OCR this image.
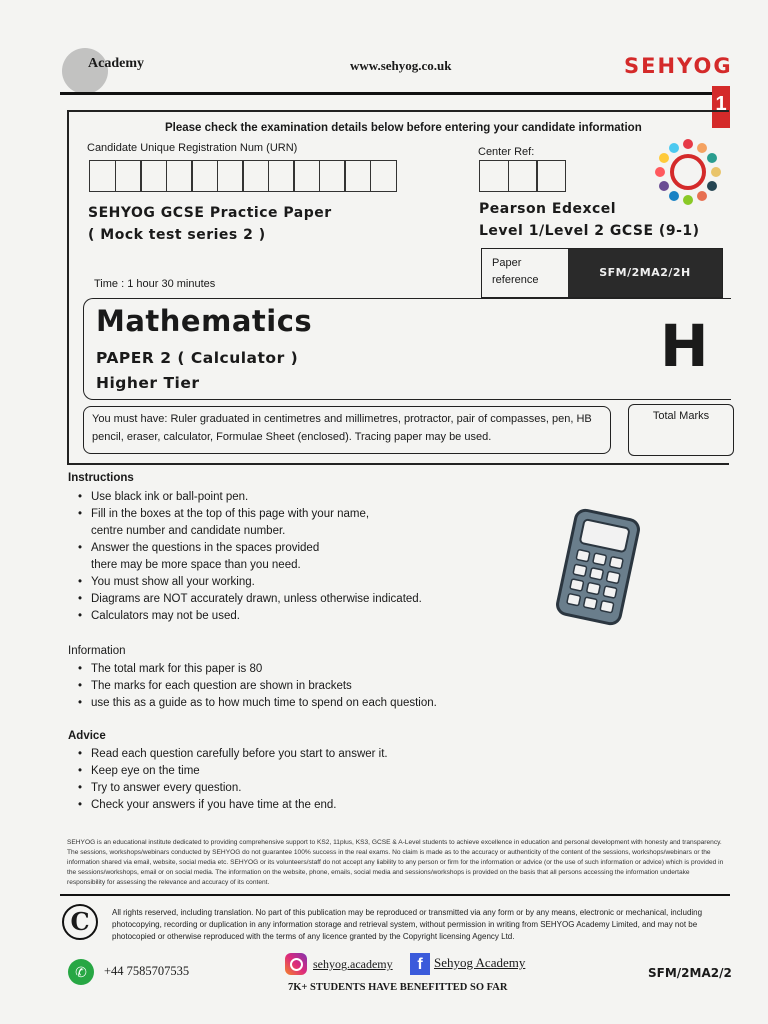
Academy	www.sehyog.co.uk	SEHYOG
1
Please check the examination details below before entering your candidate information
Candidate Unique Registration Num (URN)	Center Ref:
SEHYOG GCSE Practice Paper
( Mock test series 2 )
Pearson Edexcel
Level 1/Level 2 GCSE (9-1)
Time : 1 hour 30 minutes
Paper reference
SFM/2MA2/2H
Mathematics
PAPER 2 ( Calculator )
Higher Tier
H
You must have: Ruler graduated in centimetres and millimetres, protractor, pair of compasses, pen, HB pencil, eraser, calculator, Formulae Sheet (enclosed). Tracing paper may be used.
Total Marks
Instructions
• Use black ink or ball-point pen.
• Fill in the boxes at the top of this page with your name,
centre number and candidate number.
• Answer the questions in the spaces provided
there may be more space than you need.
• You must show all your working.
• Diagrams are NOT accurately drawn, unless otherwise indicated.
• Calculators may not be used.
Information
• The total mark for this paper is 80
• The marks for each question are shown in brackets
• use this as a guide as to how much time to spend on each question.
Advice
• Read each question carefully before you start to answer it.
• Keep eye on the time
• Try to answer every question.
• Check your answers if you have time at the end.
SEHYOG is an educational institute dedicated to providing comprehensive support to KS2, 11plus, KS3, GCSE & A-Level students to achieve excellence in education and personal development with honesty and transparency. The sessions, workshops/webinars conducted by SEHYOG do not guarantee 100% success in the real exams. No claim is made as to the accuracy or authenticity of the content of the sessions, workshops/webinars or the information shared via email, website, social media etc. SEHYOG or its volunteers/staff do not accept any liability to any person or firm for the information or advice (or the use of such information or advice) which is provided in the sessions/workshops, email or on social media. The information on the website, phone, emails, social media and sessions/workshops is provided on the basis that all persons accessing the information undertake responsibility for assessing the relevance and accuracy of its content.
C	All rights reserved, including translation. No part of this publication may be reproduced or transmitted via any form or by any means, electronic or mechanical, including photocopying, recording or duplication in any information storage and retrieval system, without permission in writing from SEHYOG Academy Limited, and may not be photocopied or otherwise reproduced with the terms of any licence granted by the Copyright licensing Agency Ltd.
✆	+44 7585707535	sehyog.academy	f Sehyog Academy
7K+ STUDENTS HAVE BENEFITTED SO FAR
SFM/2MA2/2
